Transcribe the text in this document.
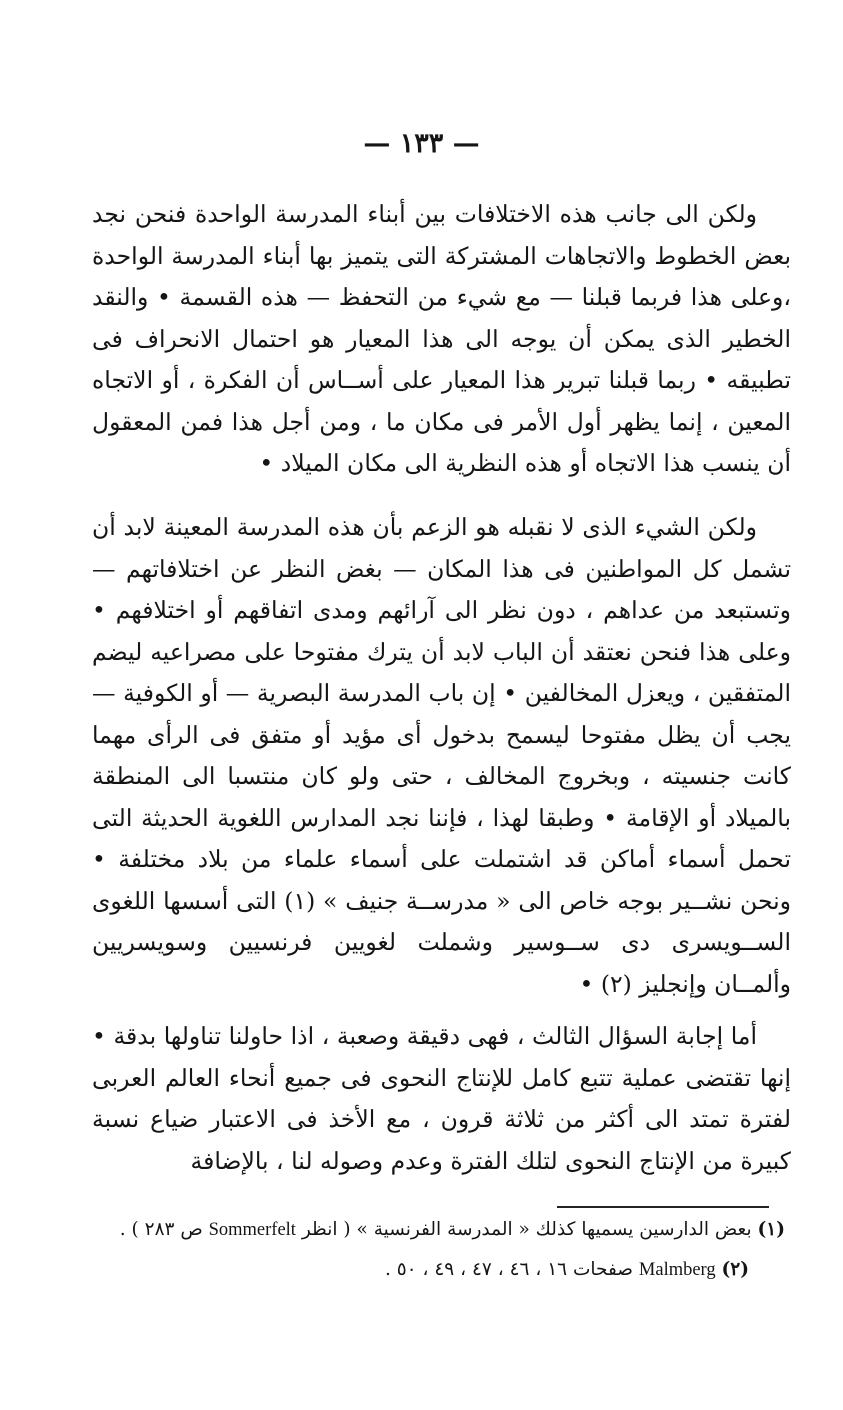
— ١٣٣ —

ولكن الى جانب هذه الاختلافات بين أبناء المدرسة الواحدة فنحن نجد بعض الخطوط والاتجاهات المشتركة التى يتميز بها أبناء المدرسة الواحدة ،وعلى هذا فربما قبلنا — مع شيء من التحفظ — هذه القسمة • والنقد الخطير الذى يمكن أن يوجه الى هذا المعيار هو احتمال الانحراف فى تطبيقه • ربما قبلنا تبرير هذا المعيار على أســاس أن الفكرة ، أو الاتجاه المعين ، إنما يظهر أول الأمر فى مكان ما ، ومن أجل هذا فمن المعقول أن ينسب هذا الاتجاه أو هذه النظرية الى مكان الميلاد •

ولكن الشيء الذى لا نقبله هو الزعم بأن هذه المدرسة المعينة لابد أن تشمل كل المواطنين فى هذا المكان — بغض النظر عن اختلافاتهم — وتستبعد من عداهم ، دون نظر الى آرائهم ومدى اتفاقهم أو اختلافهم • وعلى هذا فنحن نعتقد أن الباب لابد أن يترك مفتوحا على مصراعيه ليضم المتفقين ، ويعزل المخالفين • إن باب المدرسة البصرية — أو الكوفية — يجب أن يظل مفتوحا ليسمح بدخول أى مؤيد أو متفق فى الرأى مهما كانت جنسيته ، وبخروج المخالف ، حتى ولو كان منتسبا الى المنطقة بالميلاد أو الإقامة • وطبقا لهذا ، فإننا نجد المدارس اللغوية الحديثة التى تحمل أسماء أماكن قد اشتملت على أسماء علماء من بلاد مختلفة • ونحن نشــير بوجه خاص الى « مدرســة جنيف » (١) التى أسسها اللغوى الســويسرى دى ســوسير وشملت لغويين فرنسيين وسويسريين وألمــان وإنجليز (٢) •

أما إجابة السؤال الثالث ، فهى دقيقة وصعبة ، اذا حاولنا تناولها بدقة • إنها تقتضى عملية تتبع كامل للإنتاج النحوى فى جميع أنحاء العالم العربى لفترة تمتد الى أكثر من ثلاثة قرون ، مع الأخذ فى الاعتبار ضياع نسبة كبيرة من الإنتاج النحوى لتلك الفترة وعدم وصوله لنا ، بالإضافة

(١) بعض الدارسين يسميها كذلك « المدرسة الفرنسية » ( انظر Sommerfelt ص ٢٨٣ ) .

(٢) Malmberg صفحات ١٦ ، ٤٦ ، ٤٧ ، ٤٩ ، ٥٠ .
